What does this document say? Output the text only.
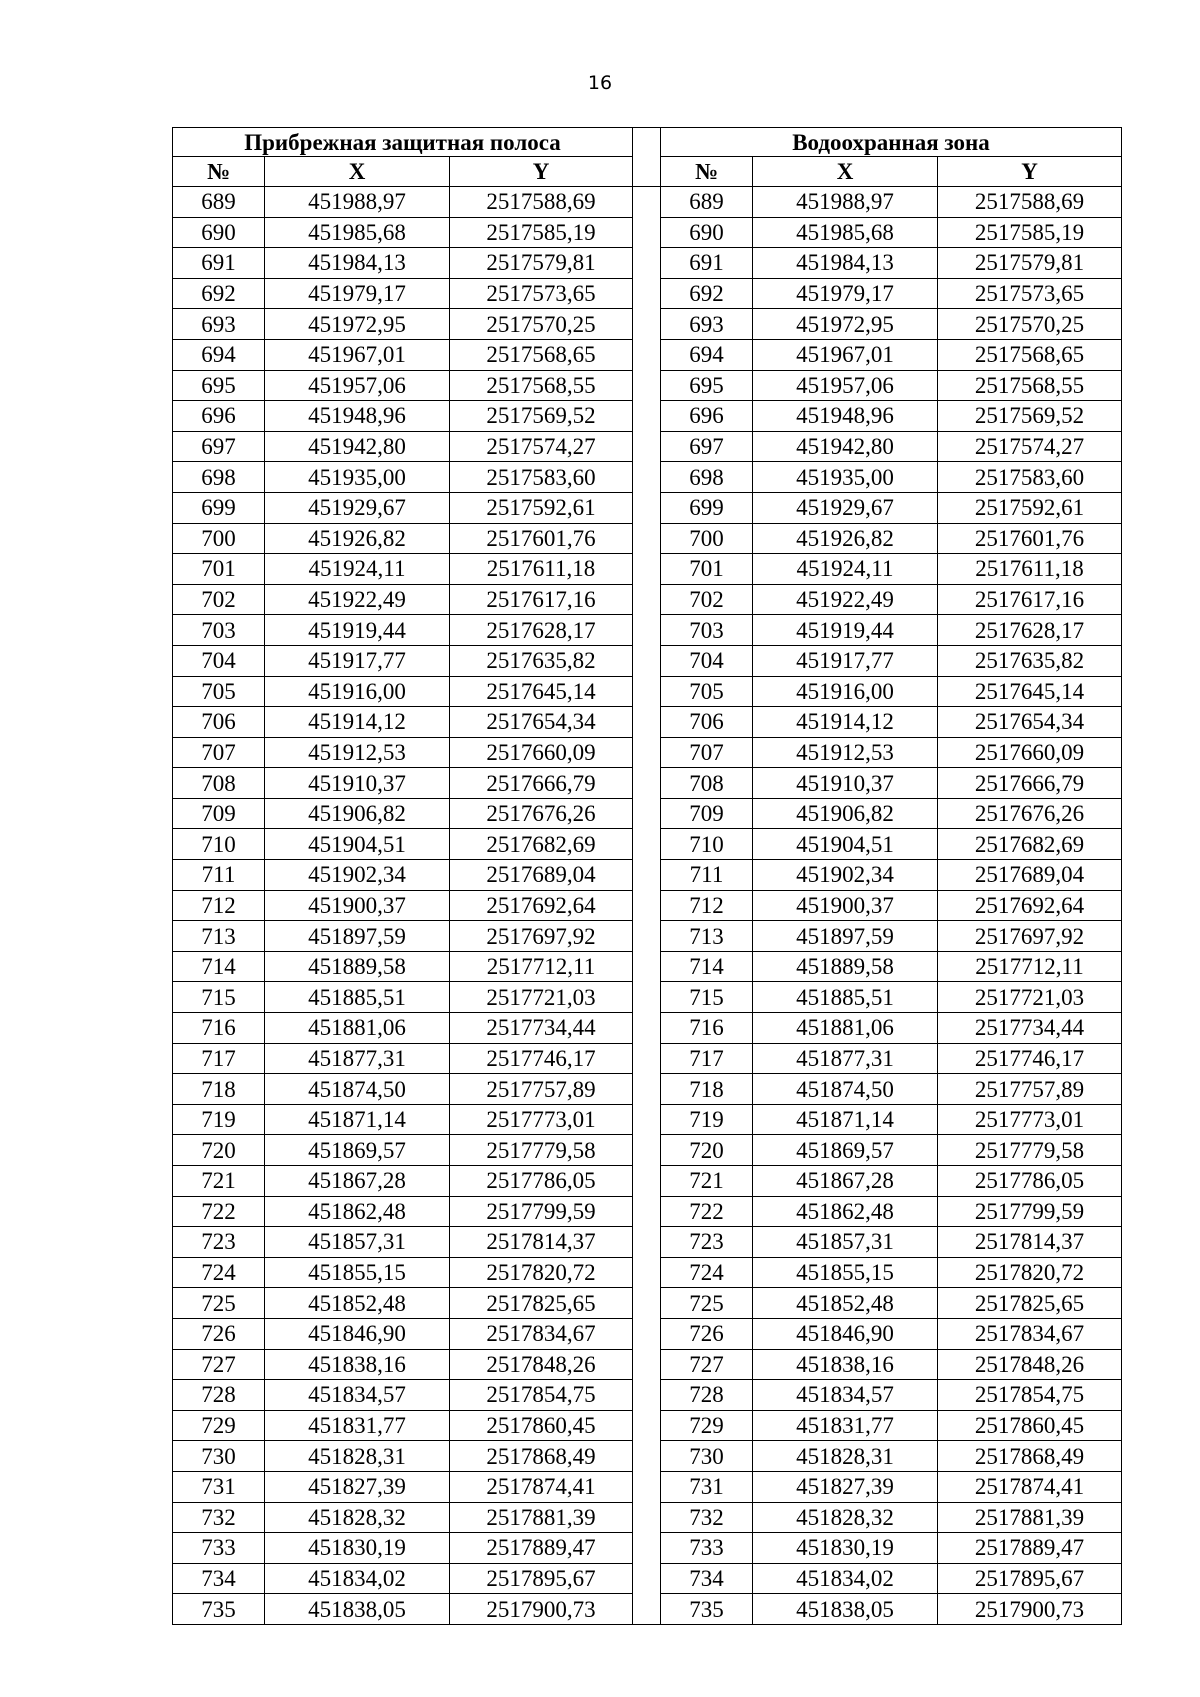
16
Прибрежная защитная полоса				Водоохранная зона		
№	X	Y		№	X	Y
689	451988,97	2517588,69		689	451988,97	2517588,69
690	451985,68	2517585,19		690	451985,68	2517585,19
691	451984,13	2517579,81		691	451984,13	2517579,81
692	451979,17	2517573,65		692	451979,17	2517573,65
693	451972,95	2517570,25		693	451972,95	2517570,25
694	451967,01	2517568,65		694	451967,01	2517568,65
695	451957,06	2517568,55		695	451957,06	2517568,55
696	451948,96	2517569,52		696	451948,96	2517569,52
697	451942,80	2517574,27		697	451942,80	2517574,27
698	451935,00	2517583,60		698	451935,00	2517583,60
699	451929,67	2517592,61		699	451929,67	2517592,61
700	451926,82	2517601,76		700	451926,82	2517601,76
701	451924,11	2517611,18		701	451924,11	2517611,18
702	451922,49	2517617,16		702	451922,49	2517617,16
703	451919,44	2517628,17		703	451919,44	2517628,17
704	451917,77	2517635,82		704	451917,77	2517635,82
705	451916,00	2517645,14		705	451916,00	2517645,14
706	451914,12	2517654,34		706	451914,12	2517654,34
707	451912,53	2517660,09		707	451912,53	2517660,09
708	451910,37	2517666,79		708	451910,37	2517666,79
709	451906,82	2517676,26		709	451906,82	2517676,26
710	451904,51	2517682,69		710	451904,51	2517682,69
711	451902,34	2517689,04		711	451902,34	2517689,04
712	451900,37	2517692,64		712	451900,37	2517692,64
713	451897,59	2517697,92		713	451897,59	2517697,92
714	451889,58	2517712,11		714	451889,58	2517712,11
715	451885,51	2517721,03		715	451885,51	2517721,03
716	451881,06	2517734,44		716	451881,06	2517734,44
717	451877,31	2517746,17		717	451877,31	2517746,17
718	451874,50	2517757,89		718	451874,50	2517757,89
719	451871,14	2517773,01		719	451871,14	2517773,01
720	451869,57	2517779,58		720	451869,57	2517779,58
721	451867,28	2517786,05		721	451867,28	2517786,05
722	451862,48	2517799,59		722	451862,48	2517799,59
723	451857,31	2517814,37		723	451857,31	2517814,37
724	451855,15	2517820,72		724	451855,15	2517820,72
725	451852,48	2517825,65		725	451852,48	2517825,65
726	451846,90	2517834,67		726	451846,90	2517834,67
727	451838,16	2517848,26		727	451838,16	2517848,26
728	451834,57	2517854,75		728	451834,57	2517854,75
729	451831,77	2517860,45		729	451831,77	2517860,45
730	451828,31	2517868,49		730	451828,31	2517868,49
731	451827,39	2517874,41		731	451827,39	2517874,41
732	451828,32	2517881,39		732	451828,32	2517881,39
733	451830,19	2517889,47		733	451830,19	2517889,47
734	451834,02	2517895,67		734	451834,02	2517895,67
735	451838,05	2517900,73		735	451838,05	2517900,73
